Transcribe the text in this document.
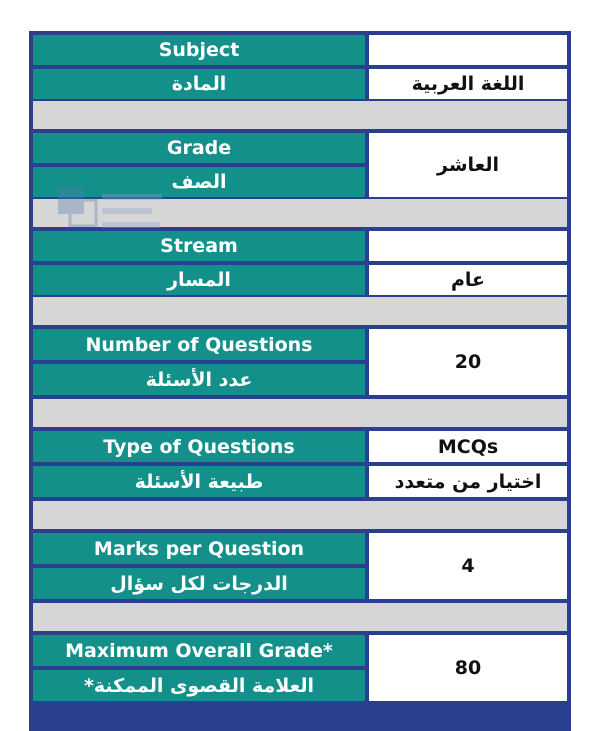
Subject
المادة	اللغة العربية
Grade
الصف
العاشر
Stream
المسار	عام
Number of Questions
عدد الأسئلة
20
Type of Questions
طبيعة الأسئلة
MCQs
اختيار من متعدد
Marks per Question
الدرجات لكل سؤال
4
Maximum Overall Grade*
العلامة القصوى الممكنة*
80
